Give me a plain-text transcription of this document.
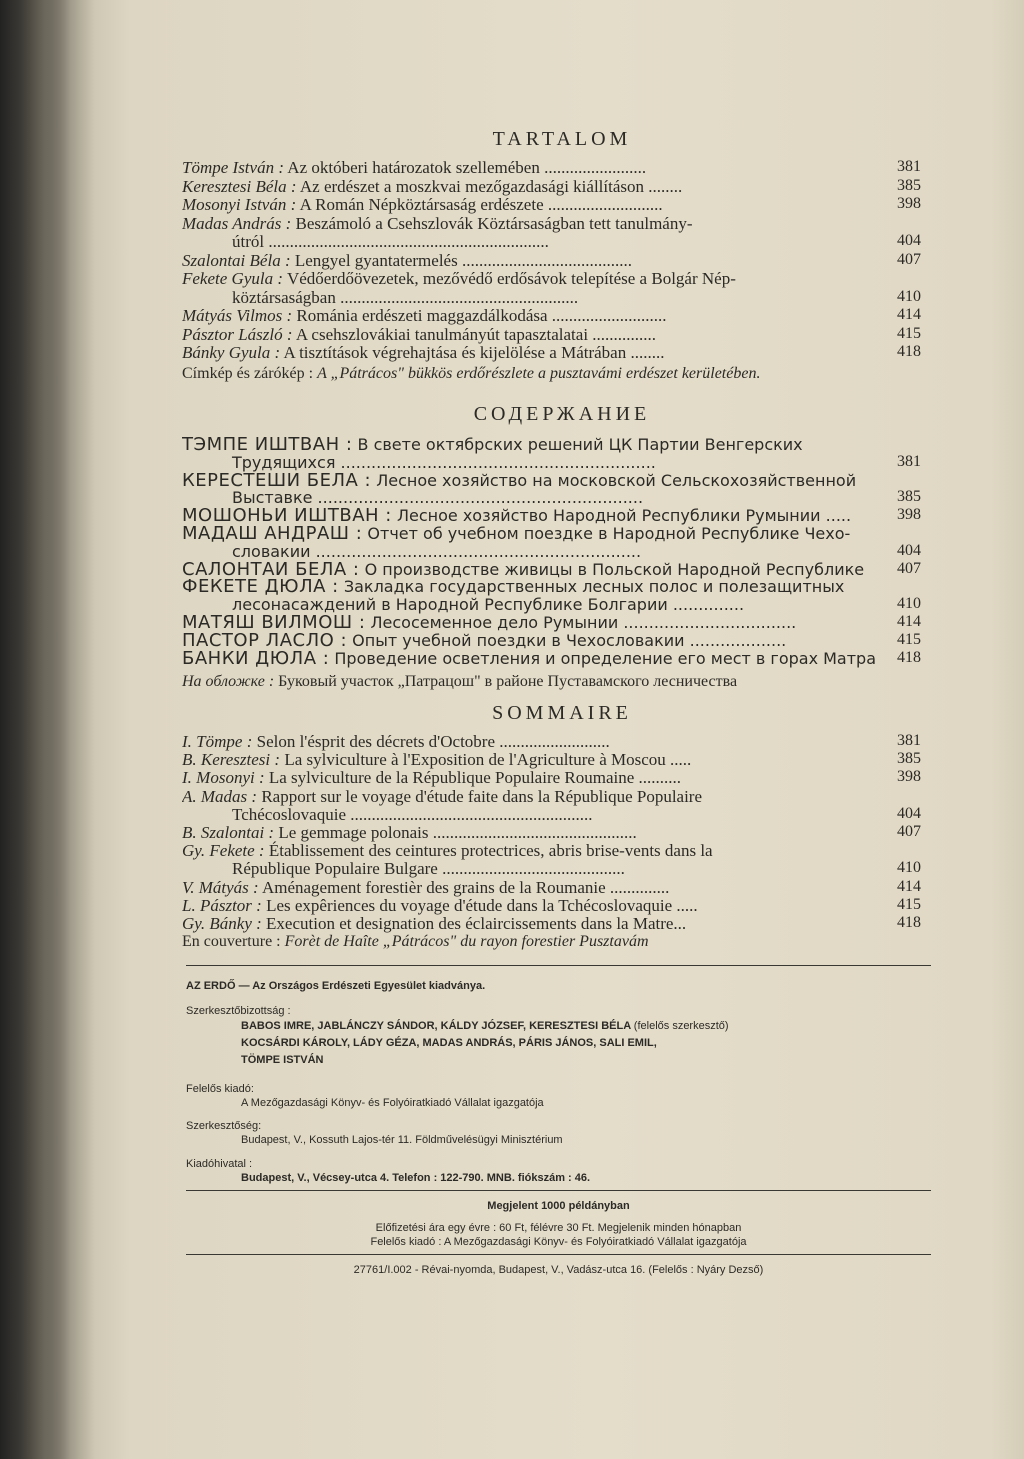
TARTALOM
Tömpe István : Az októberi határozatok szellemében ........................	381
Keresztesi Béla : Az erdészet a moszkvai mezőgazdasági kiállításon ........	385
Mosonyi István : A Román Népköztársaság erdészete ...........................	398
Madas András : Beszámoló a Csehszlovák Köztársaságban tett tanulmány-
útról ..................................................................	404
Szalontai Béla : Lengyel gyantatermelés ........................................	407
Fekete Gyula : Védőerdőövezetek, mezővédő erdősávok telepítése a Bolgár Nép-
köztársaságban ........................................................	410
Mátyás Vilmos : Románia erdészeti maggazdálkodása ...........................	414
Pásztor László : A csehszlovákiai tanulmányút tapasztalatai ...............	415
Bánky Gyula : A tisztítások végrehajtása és kijelölése a Mátrában ........	418
Címkép és zárókép : A „Pátrácos" bükkös erdőrészlete a pusztavámi erdészet kerületében.
СОДЕРЖАНИЕ
ТЭМПЕ ИШТВАН : В свете октябрских решений ЦК Партии Венгерских
Трудящихся ..............................................................	381
КЕРЕСТЕШИ БЕЛА : Лесное хозяйство на московской Сельскохозяйственной
Выставке ................................................................	385
МОШОНЬИ ИШТВАН : Лесное хозяйство Народной Республики Румынии .....	398
МАДАШ АНДРАШ : Отчет об учебном поездке в Народной Республике Чехо-
словакии ................................................................	404
САЛОНТАИ БЕЛА : О производстве живицы в Польской Народной Республике	407
ФЕКЕТЕ ДЮЛА : Закладка государственных лесных полос и полезащитных
лесонасаждений в Народной Республике Болгарии ..............	410
МАТЯШ ВИЛМОШ : Лесосеменное дело Румынии ..................................	414
ПАСТОР ЛАСЛО : Опыт учебной поездки в Чехословакии ...................	415
БАНКИ ДЮЛА : Проведение осветления и определение его мест в горах Матра	418
На обложке : Буковый участок „Патрацош" в районе Пуставамского лесничества
SOMMAIRE
I. Tömpe : Selon l'ésprit des décrets d'Octobre ..........................	381
B. Keresztesi : La sylviculture à l'Exposition de l'Agriculture à Moscou .....	385
I. Mosonyi : La sylviculture de la République Populaire Roumaine ..........	398
A. Madas : Rapport sur le voyage d'étude faite dans la République Populaire
Tchécoslovaquie .........................................................	404
B. Szalontai : Le gemmage polonais ................................................	407
Gy. Fekete : Établissement des ceintures protectrices, abris brise-vents dans la
République Populaire Bulgare ...........................................	410
V. Mátyás : Aménagement forestièr des grains de la Roumanie ..............	414
L. Pásztor : Les expêriences du voyage d'étude dans la Tchécoslovaquie .....	415
Gy. Bánky : Execution et designation des éclaircissements dans la Matre...	418
En couverture : Forèt de Haîte „Pátrácos" du rayon forestier Pusztavám
AZ ERDŐ — Az Országos Erdészeti Egyesület kiadványa.
Szerkesztőbizottság :
BABOS IMRE, JABLÁNCZY SÁNDOR, KÁLDY JÓZSEF, KERESZTESI BÉLA (felelős szerkesztő)
KOCSÁRDI KÁROLY, LÁDY GÉZA, MADAS ANDRÁS, PÁRIS JÁNOS, SALI EMIL,
TÖMPE ISTVÁN
Felelős kiadó:
A Mezőgazdasági Könyv- és Folyóiratkiadó Vállalat igazgatója
Szerkesztőség:
Budapest, V., Kossuth Lajos-tér 11. Földművelésügyi Minisztérium
Kiadóhivatal :
Budapest, V., Vécsey-utca 4. Telefon : 122-790. MNB. fiókszám : 46.
Megjelent 1000 példányban
Előfizetési ára egy évre : 60 Ft, félévre 30 Ft. Megjelenik minden hónapban
Felelős kiadó : A Mezőgazdasági Könyv- és Folyóiratkiadó Vállalat igazgatója
27761/I.002 - Révai-nyomda, Budapest, V., Vadász-utca 16. (Felelős : Nyáry Dezső)
